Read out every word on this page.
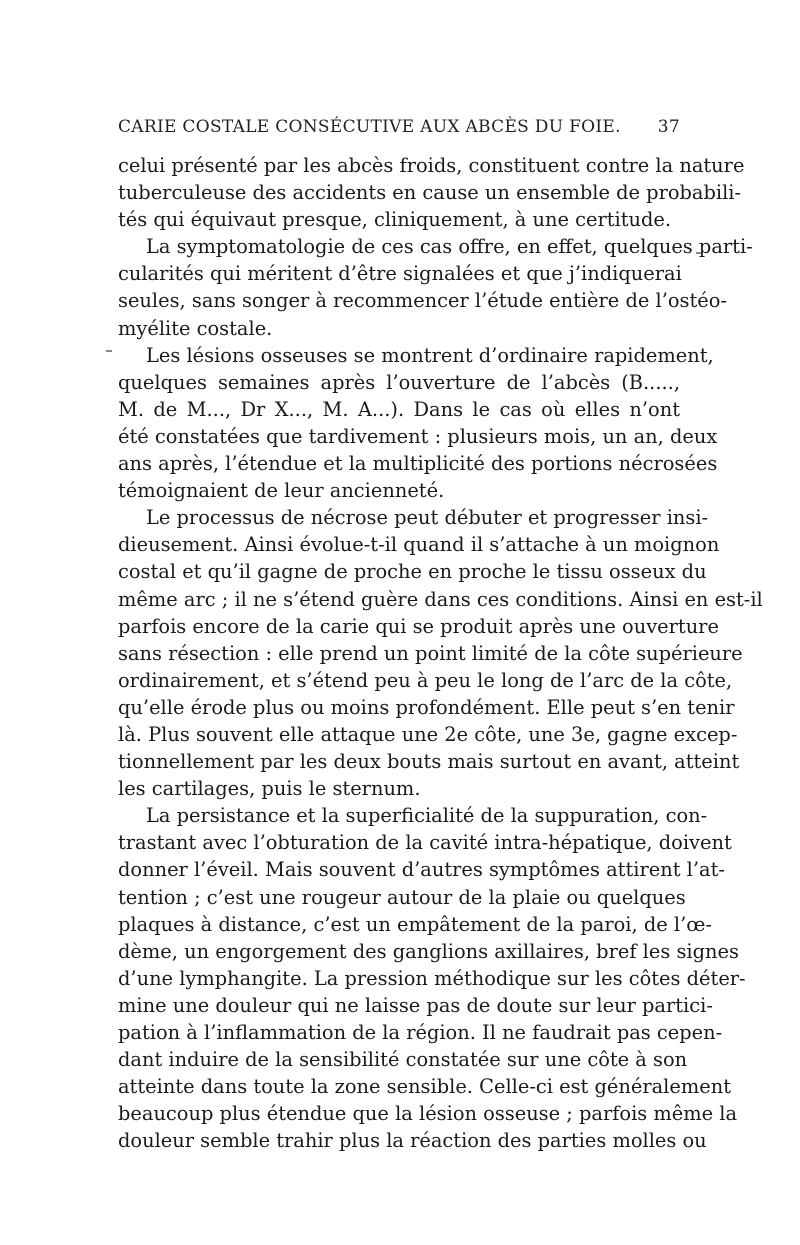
CARIE COSTALE CONSÉCUTIVE AUX ABCÈS DU FOIE. 37
celui présenté par les abcès froids, constituent contre la nature
tuberculeuse des accidents en cause un ensemble de probabili-
tés qui équivaut presque, cliniquement, à une certitude.
La symptomatologie de ces cas offre, en effet, quelques parti-
cularités qui méritent d’être signalées et que j’indiquerai
seules, sans songer à recommencer l’étude entière de l’ostéo-
myélite costale.
Les lésions osseuses se montrent d’ordinaire rapidement,
quelques semaines après l’ouverture de l’abcès (B.....,
M. de M..., Dr X..., M. A...). Dans le cas où elles n’ont
été constatées que tardivement : plusieurs mois, un an, deux
ans après, l’étendue et la multiplicité des portions nécrosées
témoignaient de leur ancienneté.
Le processus de nécrose peut débuter et progresser insi-
dieusement. Ainsi évolue-t-il quand il s’attache à un moignon
costal et qu’il gagne de proche en proche le tissu osseux du
même arc ; il ne s’étend guère dans ces conditions. Ainsi en est-il
parfois encore de la carie qui se produit après une ouverture
sans résection : elle prend un point limité de la côte supérieure
ordinairement, et s’étend peu à peu le long de l’arc de la côte,
qu’elle érode plus ou moins profondément. Elle peut s’en tenir
là. Plus souvent elle attaque une 2e côte, une 3e, gagne excep-
tionnellement par les deux bouts mais surtout en avant, atteint
les cartilages, puis le sternum.
La persistance et la superficialité de la suppuration, con-
trastant avec l’obturation de la cavité intra-hépatique, doivent
donner l’éveil. Mais souvent d’autres symptômes attirent l’at-
tention ; c’est une rougeur autour de la plaie ou quelques
plaques à distance, c’est un empâtement de la paroi, de l’œ-
dème, un engorgement des ganglions axillaires, bref les signes
d’une lymphangite. La pression méthodique sur les côtes déter-
mine une douleur qui ne laisse pas de doute sur leur partici-
pation à l’inflammation de la région. Il ne faudrait pas cepen-
dant induire de la sensibilité constatée sur une côte à son
atteinte dans toute la zone sensible. Celle-ci est généralement
beaucoup plus étendue que la lésion osseuse ; parfois même la
douleur semble trahir plus la réaction des parties molles ou
